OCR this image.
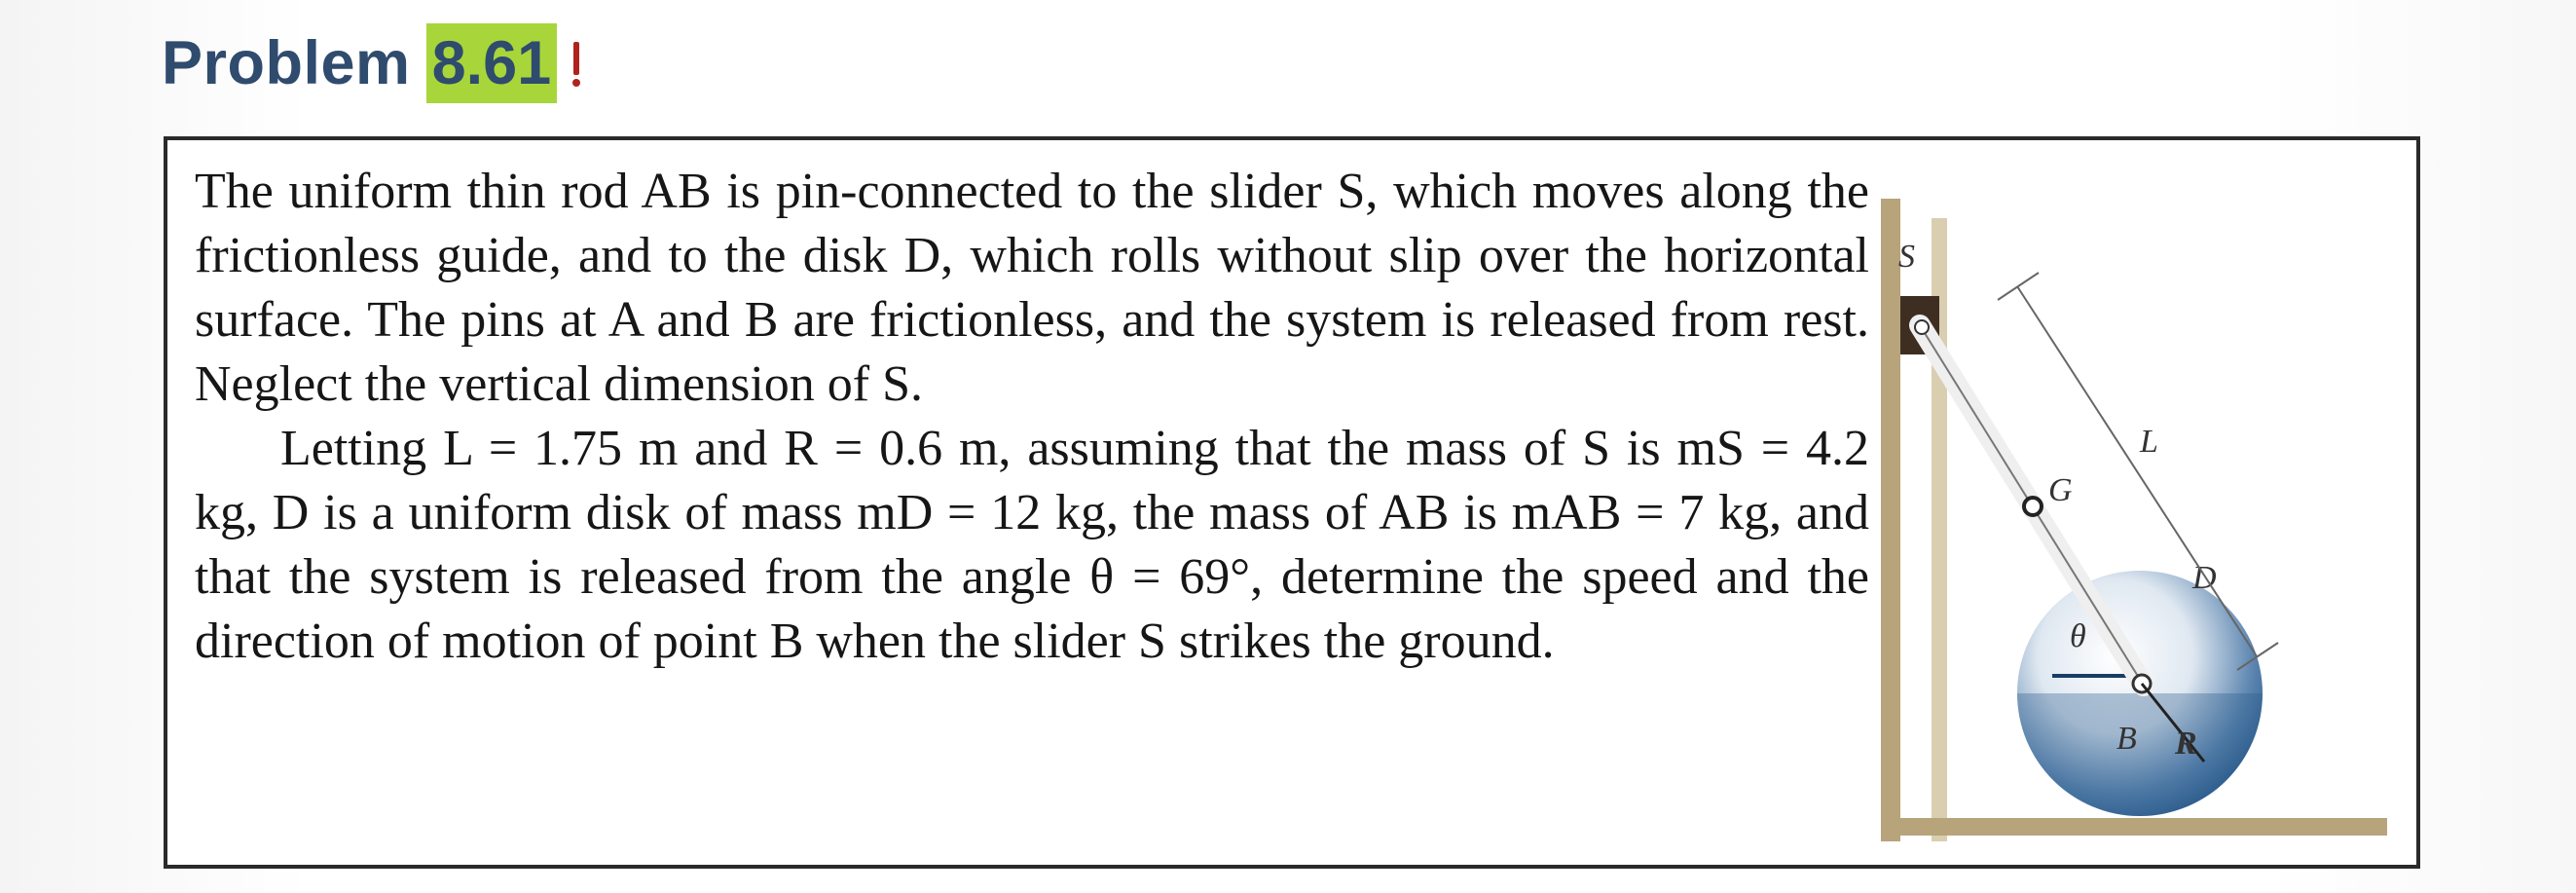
Problem 8.61

The uniform thin rod AB is pin-connected to the slider S, which moves along the frictionless guide, and to the disk D, which rolls without slip over the horizontal surface. The pins at A and B are frictionless, and the system is released from rest. Neglect the vertical dimension of S.

Letting L = 1.75 m and R = 0.6 m, assuming that the mass of S is mS = 4.2 kg, D is a uniform disk of mass mD = 12 kg, the mass of AB is mAB = 7 kg, and that the system is released from the angle θ = 69°, determine the speed and the direction of motion of point B when the slider S strikes the ground.

S
θ
G
R
B
D
L
